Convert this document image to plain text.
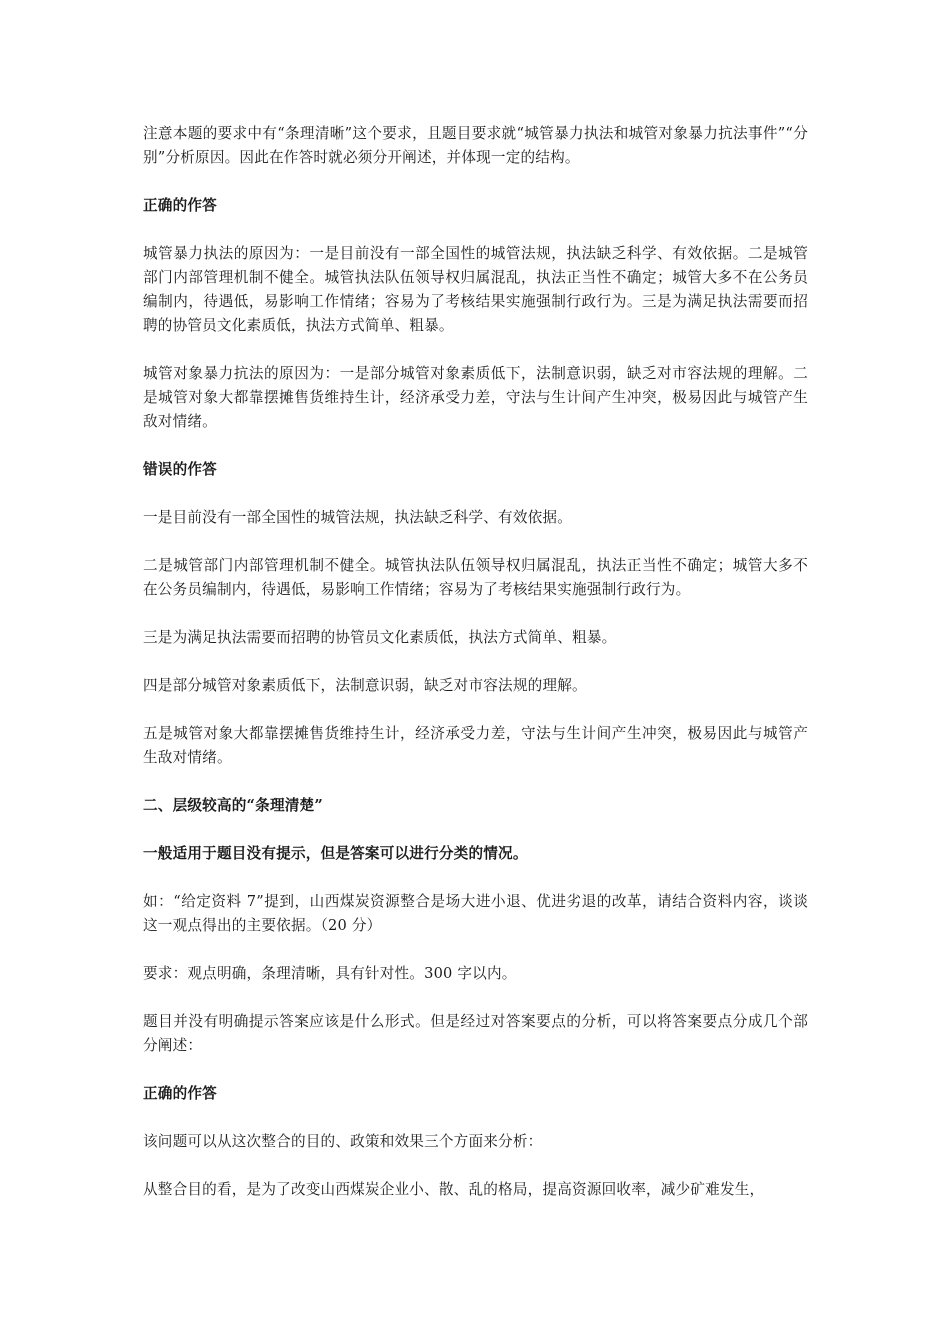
注意本题的要求中有“条理清晰”这个要求，且题目要求就“城管暴力执法和城管对象暴力抗法事件”“分别”分析原因。因此在作答时就必须分开阐述，并体现一定的结构。

正确的作答

城管暴力执法的原因为：一是目前没有一部全国性的城管法规，执法缺乏科学、有效依据。二是城管部门内部管理机制不健全。城管执法队伍领导权归属混乱，执法正当性不确定；城管大多不在公务员编制内，待遇低，易影响工作情绪；容易为了考核结果实施强制行政行为。三是为满足执法需要而招聘的协管员文化素质低，执法方式简单、粗暴。

城管对象暴力抗法的原因为：一是部分城管对象素质低下，法制意识弱，缺乏对市容法规的理解。二是城管对象大都靠摆摊售货维持生计，经济承受力差，守法与生计间产生冲突，极易因此与城管产生敌对情绪。

错误的作答

一是目前没有一部全国性的城管法规，执法缺乏科学、有效依据。

二是城管部门内部管理机制不健全。城管执法队伍领导权归属混乱，执法正当性不确定；城管大多不在公务员编制内，待遇低，易影响工作情绪；容易为了考核结果实施强制行政行为。

三是为满足执法需要而招聘的协管员文化素质低，执法方式简单、粗暴。

四是部分城管对象素质低下，法制意识弱，缺乏对市容法规的理解。

五是城管对象大都靠摆摊售货维持生计，经济承受力差，守法与生计间产生冲突，极易因此与城管产生敌对情绪。

二、层级较高的“条理清楚”

一般适用于题目没有提示，但是答案可以进行分类的情况。

如：“给定资料 7”提到，山西煤炭资源整合是场大进小退、优进劣退的改革，请结合资料内容，谈谈这一观点得出的主要依据。（20 分）

要求：观点明确，条理清晰，具有针对性。300 字以内。

题目并没有明确提示答案应该是什么形式。但是经过对答案要点的分析，可以将答案要点分成几个部分阐述：

正确的作答

该问题可以从这次整合的目的、政策和效果三个方面来分析：

从整合目的看，是为了改变山西煤炭企业小、散、乱的格局，提高资源回收率，减少矿难发生，
